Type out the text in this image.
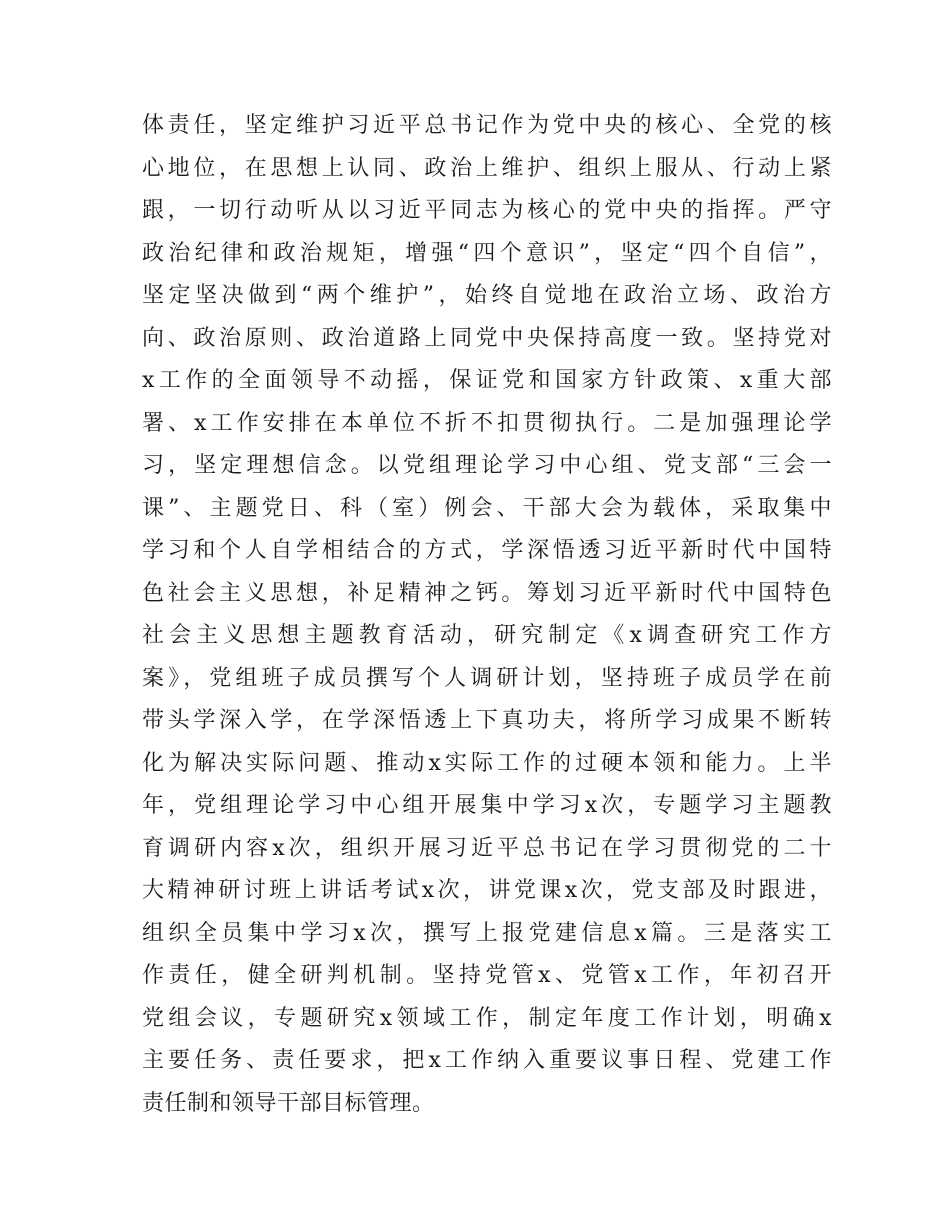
体责任，坚定维护习近平总书记作为党中央的核心、全党的核
心地位，在思想上认同、政治上维护、组织上服从、行动上紧
跟，一切行动听从以习近平同志为核心的党中央的指挥。严守
政治纪律和政治规矩，增强“四个意识”，坚定“四个自信”，
坚定坚决做到“两个维护”，始终自觉地在政治立场、政治方
向、政治原则、政治道路上同党中央保持高度一致。坚持党对
x工作的全面领导不动摇，保证党和国家方针政策、x重大部
署、x工作安排在本单位不折不扣贯彻执行。二是加强理论学
习，坚定理想信念。以党组理论学习中心组、党支部“三会一
课”、主题党日、科（室）例会、干部大会为载体，采取集中
学习和个人自学相结合的方式，学深悟透习近平新时代中国特
色社会主义思想，补足精神之钙。筹划习近平新时代中国特色
社会主义思想主题教育活动，研究制定《x调查研究工作方
案》，党组班子成员撰写个人调研计划，坚持班子成员学在前
带头学深入学，在学深悟透上下真功夫，将所学习成果不断转
化为解决实际问题、推动x实际工作的过硬本领和能力。上半
年，党组理论学习中心组开展集中学习x次，专题学习主题教
育调研内容x次，组织开展习近平总书记在学习贯彻党的二十
大精神研讨班上讲话考试x次，讲党课x次，党支部及时跟进，
组织全员集中学习x次，撰写上报党建信息x篇。三是落实工
作责任，健全研判机制。坚持党管x、党管x工作，年初召开
党组会议，专题研究x领域工作，制定年度工作计划，明确x
主要任务、责任要求，把x工作纳入重要议事日程、党建工作
责任制和领导干部目标管理。
